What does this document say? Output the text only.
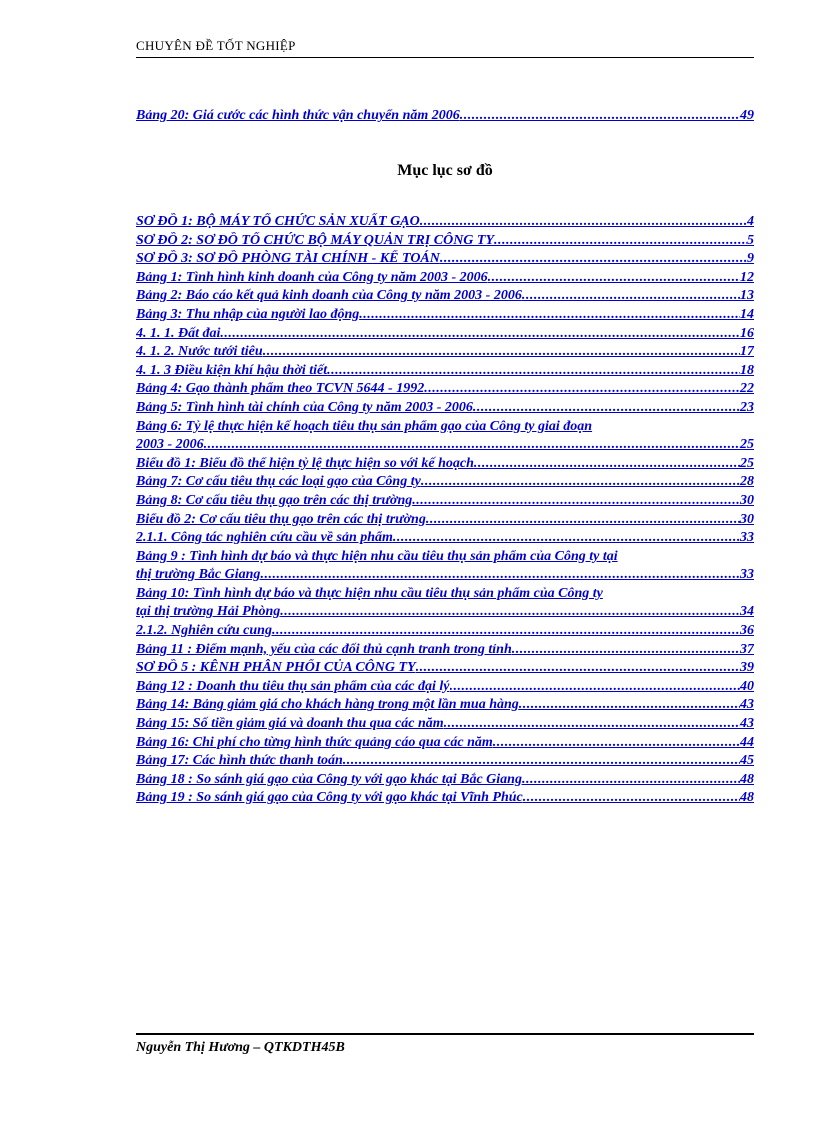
CHUYÊN ĐỀ TỐT NGHIỆP
Bảng 20: Giá cước các hình thức vận chuyển năm 2006 .....	49
Mục lục sơ đồ
SƠ ĐỒ 1: BỘ MÁY TỔ CHỨC SẢN XUẤT GẠO .....	4
SƠ ĐỒ 2: SƠ ĐỒ TỔ CHỨC BỘ MÁY QUẢN TRỊ CÔNG TY .....	5
SƠ ĐỒ 3: SƠ ĐỒ PHÒNG TÀI CHÍNH - KẾ TOÁN .....	9
Bảng 1: Tình hình kinh doanh của Công ty năm 2003 - 2006 .....	12
Bảng 2: Báo cáo kết quả kinh doanh của Công ty năm 2003 - 2006 .....	13
Bảng 3: Thu nhập của người lao động .....	14
4. 1. 1. Đất đai .....	16
4. 1. 2. Nước tưới tiêu .....	17
4. 1. 3 Điều kiện khí hậu thời tiết .....	18
Bảng 4: Gạo thành phẩm theo TCVN 5644 - 1992 .....	22
Bảng 5: Tình hình tài chính của Công ty năm 2003 - 2006 .....	23
Bảng 6: Tỷ lệ thực hiện kế hoạch tiêu thụ sản phẩm gạo của Công ty giai đoạn
2003 - 2006 .....	25
Biểu đồ 1: Biểu đồ thể hiện tỷ lệ thực hiện so với kế hoạch .....	25
Bảng 7: Cơ cấu tiêu thụ các loại gạo của Công ty .....	28
Bảng 8: Cơ cấu tiêu thụ gạo trên các thị trường .....	30
Biểu đồ 2: Cơ cấu tiêu thụ gạo trên các thị trường .....	30
2.1.1. Công tác nghiên cứu cầu về sản phẩm .....	33
Bảng 9 : Tình hình dự báo và thực hiện nhu cầu tiêu thụ sản phẩm của Công ty tại
thị trường Bắc Giang .....	33
Bảng 10: Tình hình dự báo và thực hiện nhu cầu tiêu thụ sản phẩm của Công ty
tại thị trường Hải Phòng .....	34
2.1.2. Nghiên cứu cung .....	36
Bảng 11 : Điểm mạnh, yếu của các đối thủ cạnh tranh trong tỉnh .....	37
SƠ ĐỒ 5 : KÊNH PHÂN PHỐI CỦA CÔNG TY .....	39
Bảng 12 : Doanh thu tiêu thụ sản phẩm của các đại lý .....	40
Bảng 14: Bảng giảm giá cho khách hàng trong một lần mua hàng .....	43
Bảng 15: Số tiền giảm giá và doanh thu qua các năm .....	43
Bảng 16: Chi phí cho từng hình thức quảng cáo qua các năm .....	44
Bảng 17: Các hình thức thanh toán .....	45
Bảng 18 : So sánh giá gạo của Công ty với gạo khác tại Bắc Giang .....	48
Bảng 19 : So sánh giá gạo của Công ty với gạo khác tại Vĩnh Phúc .....	48
Nguyễn Thị Hương – QTKDTH45B
